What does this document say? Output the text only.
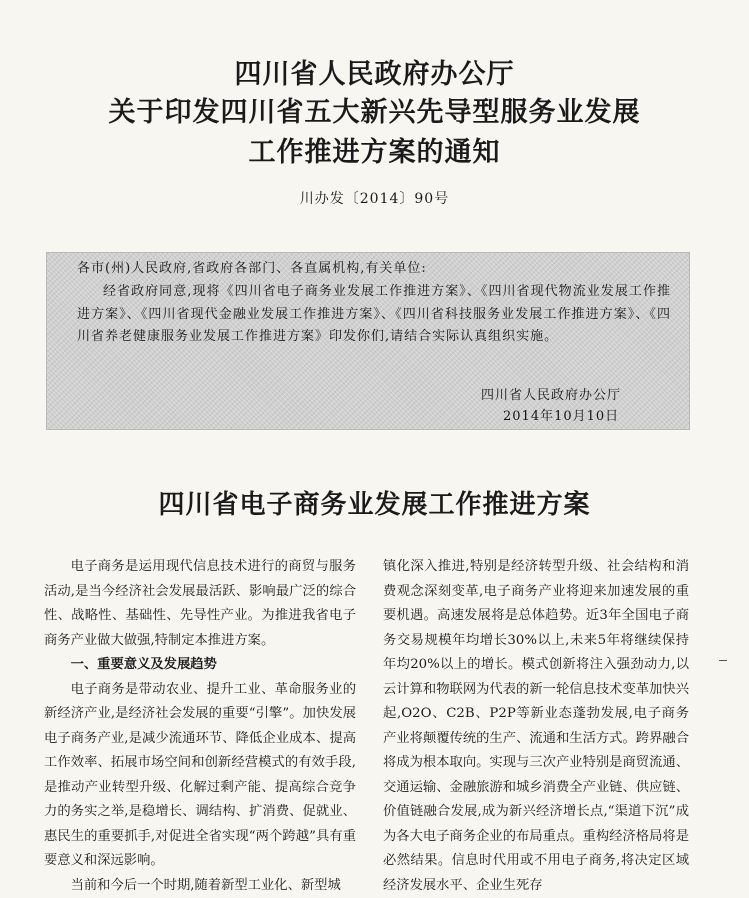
四川省人民政府办公厅
关于印发四川省五大新兴先导型服务业发展
工作推进方案的通知
川办发〔2014〕90号
各市(州)人民政府,省政府各部门、各直属机构,有关单位:
经省政府同意,现将《四川省电子商务业发展工作推进方案》、《四川省现代物流业发展工作推进方案》、《四川省现代金融业发展工作推进方案》、《四川省科技服务业发展工作推进方案》、《四川省养老健康服务业发展工作推进方案》印发你们,请结合实际认真组织实施。
四川省人民政府办公厅
2014年10月10日
四川省电子商务业发展工作推进方案

电子商务是运用现代信息技术进行的商贸与服务活动,是当今经济社会发展最活跃、影响最广泛的综合性、战略性、基础性、先导性产业。为推进我省电子商务产业做大做强,特制定本推进方案。

一、重要意义及发展趋势

电子商务是带动农业、提升工业、革命服务业的新经济产业,是经济社会发展的重要“引擎”。加快发展电子商务产业,是减少流通环节、降低企业成本、提高工作效率、拓展市场空间和创新经营模式的有效手段,是推动产业转型升级、化解过剩产能、提高综合竞争力的务实之举,是稳增长、调结构、扩消费、促就业、惠民生的重要抓手,对促进全省实现“两个跨越”具有重要意义和深远影响。

当前和今后一个时期,随着新型工业化、新型城

镇化深入推进,特别是经济转型升级、社会结构和消费观念深刻变革,电子商务产业将迎来加速发展的重要机遇。高速发展将是总体趋势。近3年全国电子商务交易规模年均增长30%以上,未来5年将继续保持年均20%以上的增长。模式创新将注入强劲动力,以云计算和物联网为代表的新一轮信息技术变革加快兴起,O2O、C2B、P2P等新业态蓬勃发展,电子商务产业将颠覆传统的生产、流通和生活方式。跨界融合将成为根本取向。实现与三次产业特别是商贸流通、交通运输、金融旅游和城乡消费全产业链、供应链、价值链融合发展,成为新兴经济增长点,“渠道下沉”成为各大电子商务企业的布局重点。重构经济格局将是必然结果。信息时代用或不用电子商务,将决定区域经济发展水平、企业生死存
